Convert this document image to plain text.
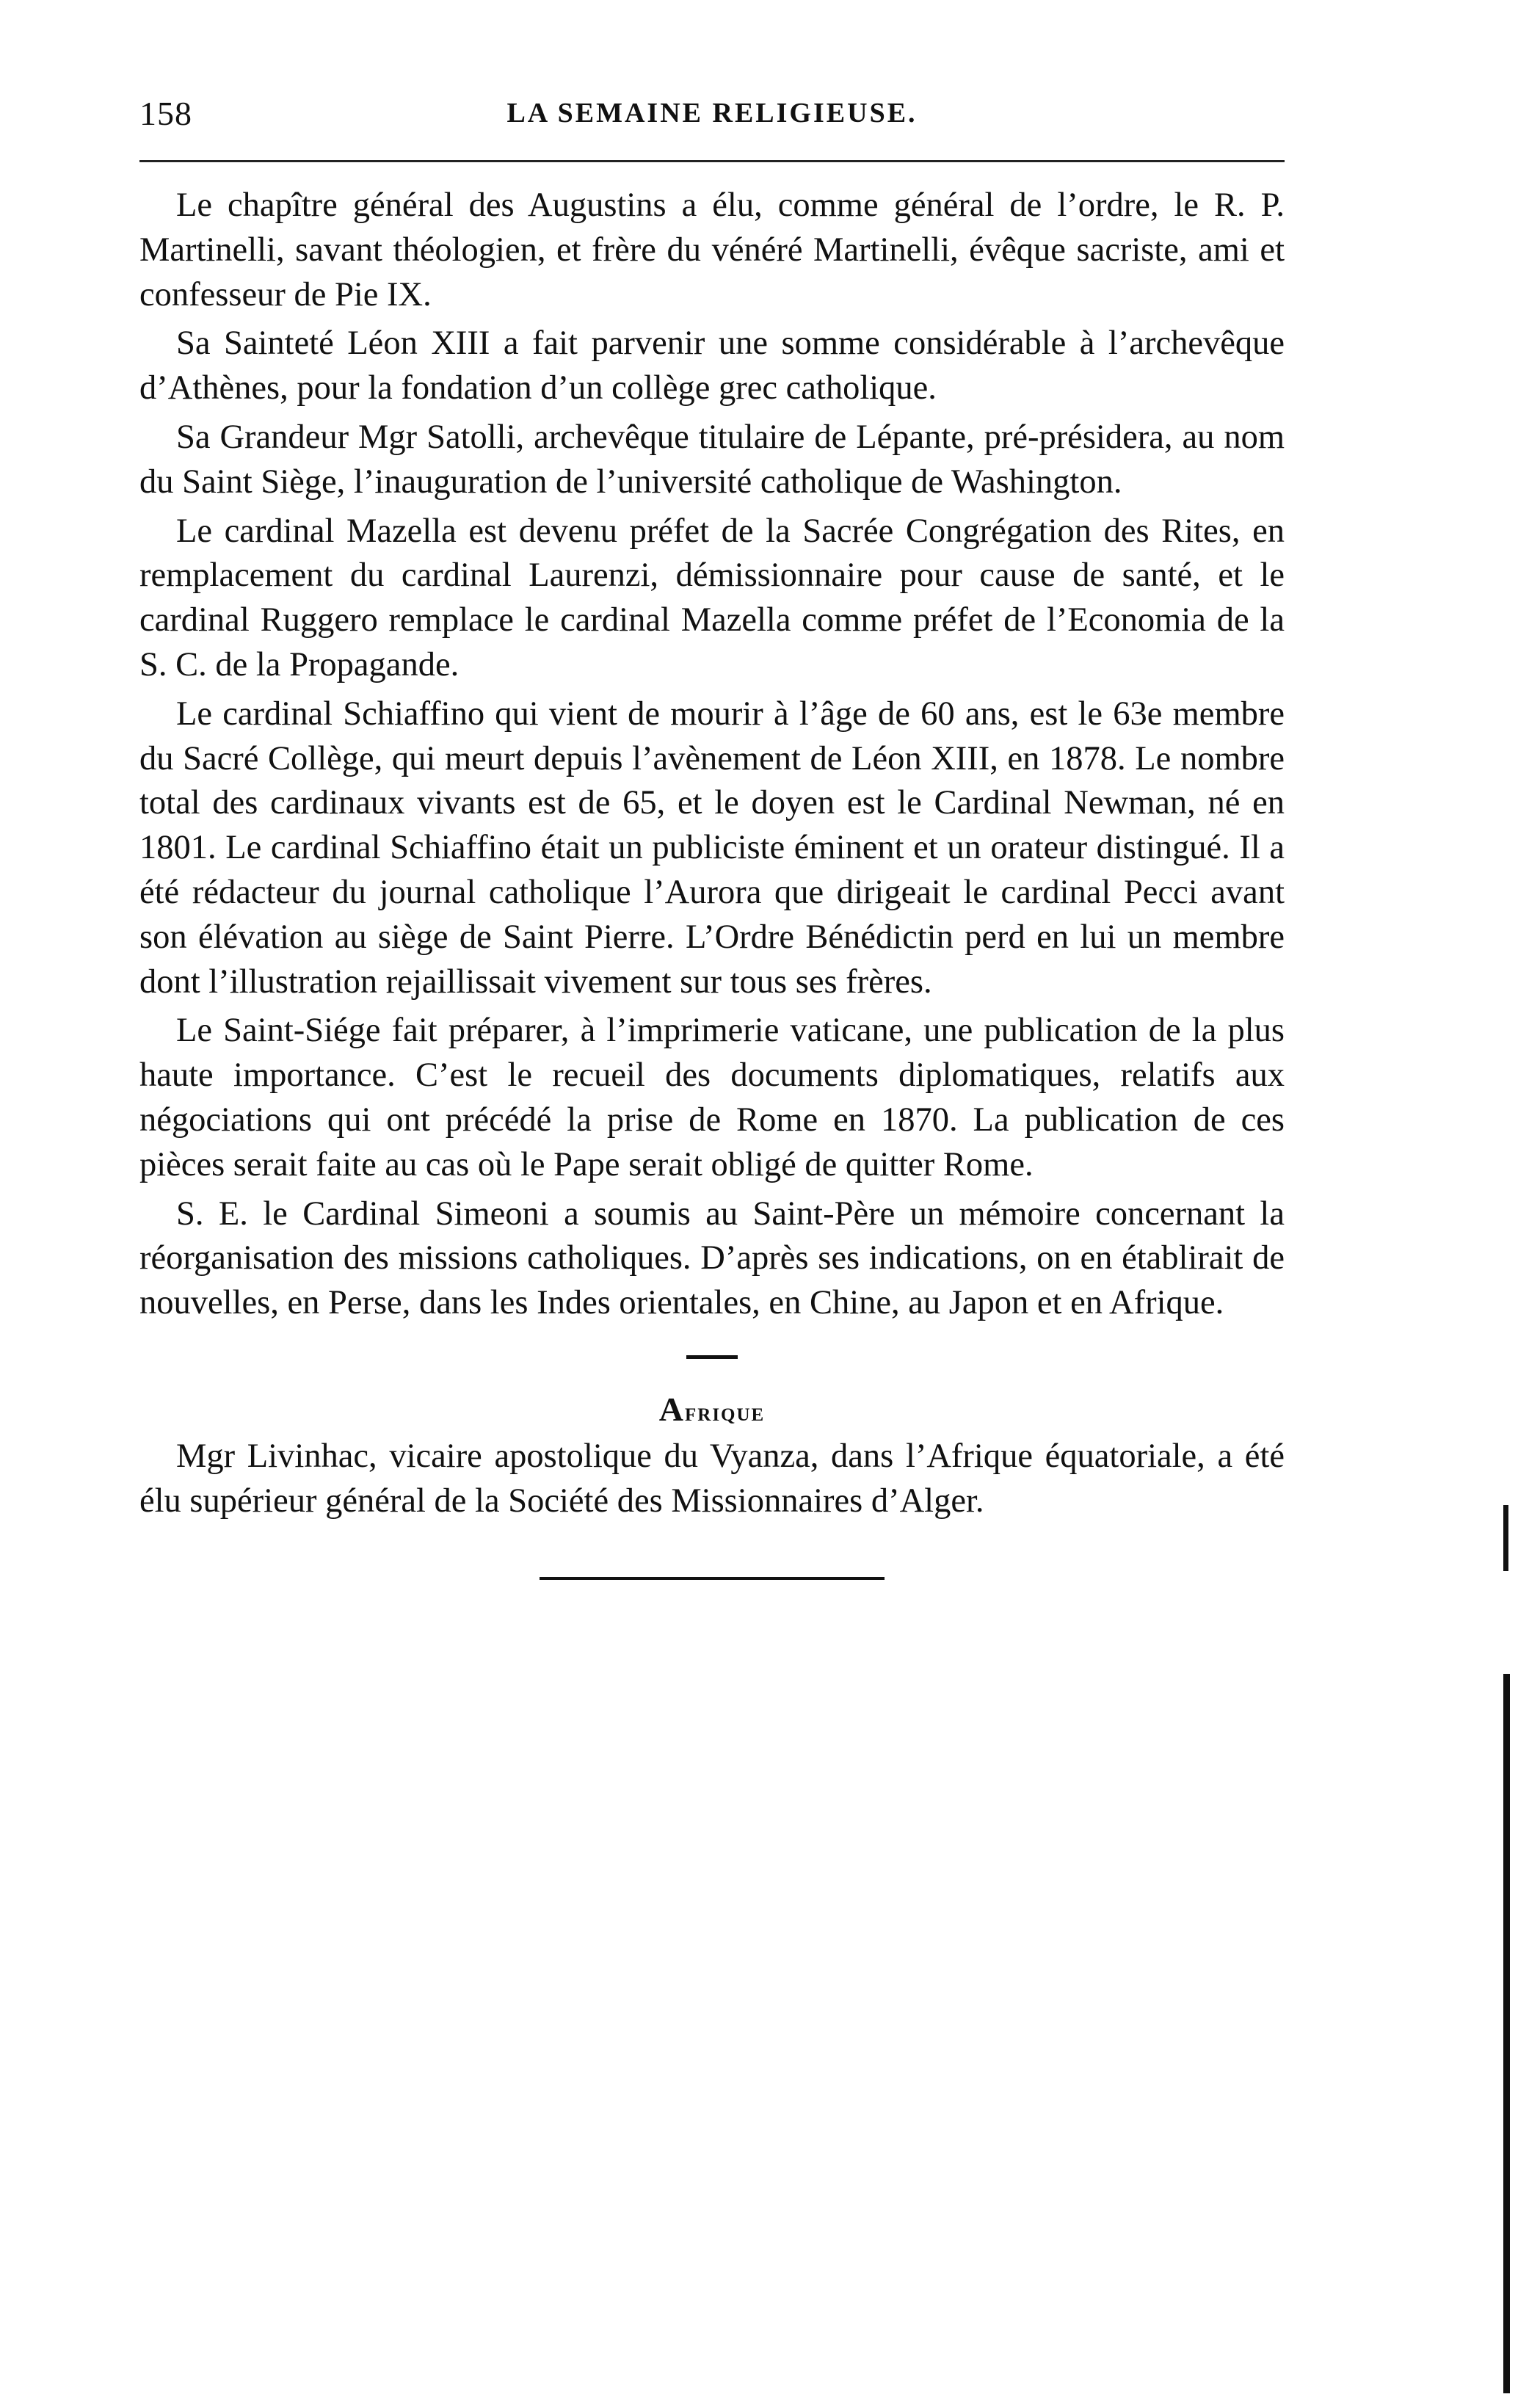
158	LA SEMAINE RELIGIEUSE.

Le chapître général des Augustins a élu, comme général de l’ordre, le R. P. Martinelli, savant théologien, et frère du vénéré Martinelli, évêque sacriste, ami et confesseur de Pie IX.

Sa Sainteté Léon XIII a fait parvenir une somme considérable à l’archevêque d’Athènes, pour la fondation d’un collège grec catholique.

Sa Grandeur Mgr Satolli, archevêque titulaire de Lépante, pré-présidera, au nom du Saint Siège, l’inauguration de l’université catholique de Washington.

Le cardinal Mazella est devenu préfet de la Sacrée Congrégation des Rites, en remplacement du cardinal Laurenzi, démissionnaire pour cause de santé, et le cardinal Ruggero remplace le cardinal Mazella comme préfet de l’Economia de la S. C. de la Propagande.

Le cardinal Schiaffino qui vient de mourir à l’âge de 60 ans, est le 63e membre du Sacré Collège, qui meurt depuis l’avènement de Léon XIII, en 1878. Le nombre total des cardinaux vivants est de 65, et le doyen est le Cardinal Newman, né en 1801. Le cardinal Schiaffino était un publiciste éminent et un orateur distingué. Il a été rédacteur du journal catholique l’Aurora que dirigeait le cardinal Pecci avant son élévation au siège de Saint Pierre. L’Ordre Bénédictin perd en lui un membre dont l’illustration rejaillissait vivement sur tous ses frères.

Le Saint-Siége fait préparer, à l’imprimerie vaticane, une publication de la plus haute importance. C’est le recueil des documents diplomatiques, relatifs aux négociations qui ont précédé la prise de Rome en 1870. La publication de ces pièces serait faite au cas où le Pape serait obligé de quitter Rome.

S. E. le Cardinal Simeoni a soumis au Saint-Père un mémoire concernant la réorganisation des missions catholiques. D’après ses indications, on en établirait de nouvelles, en Perse, dans les Indes orientales, en Chine, au Japon et en Afrique.

Afrique

Mgr Livinhac, vicaire apostolique du Vyanza, dans l’Afrique équatoriale, a été élu supérieur général de la Société des Missionnaires d’Alger.
